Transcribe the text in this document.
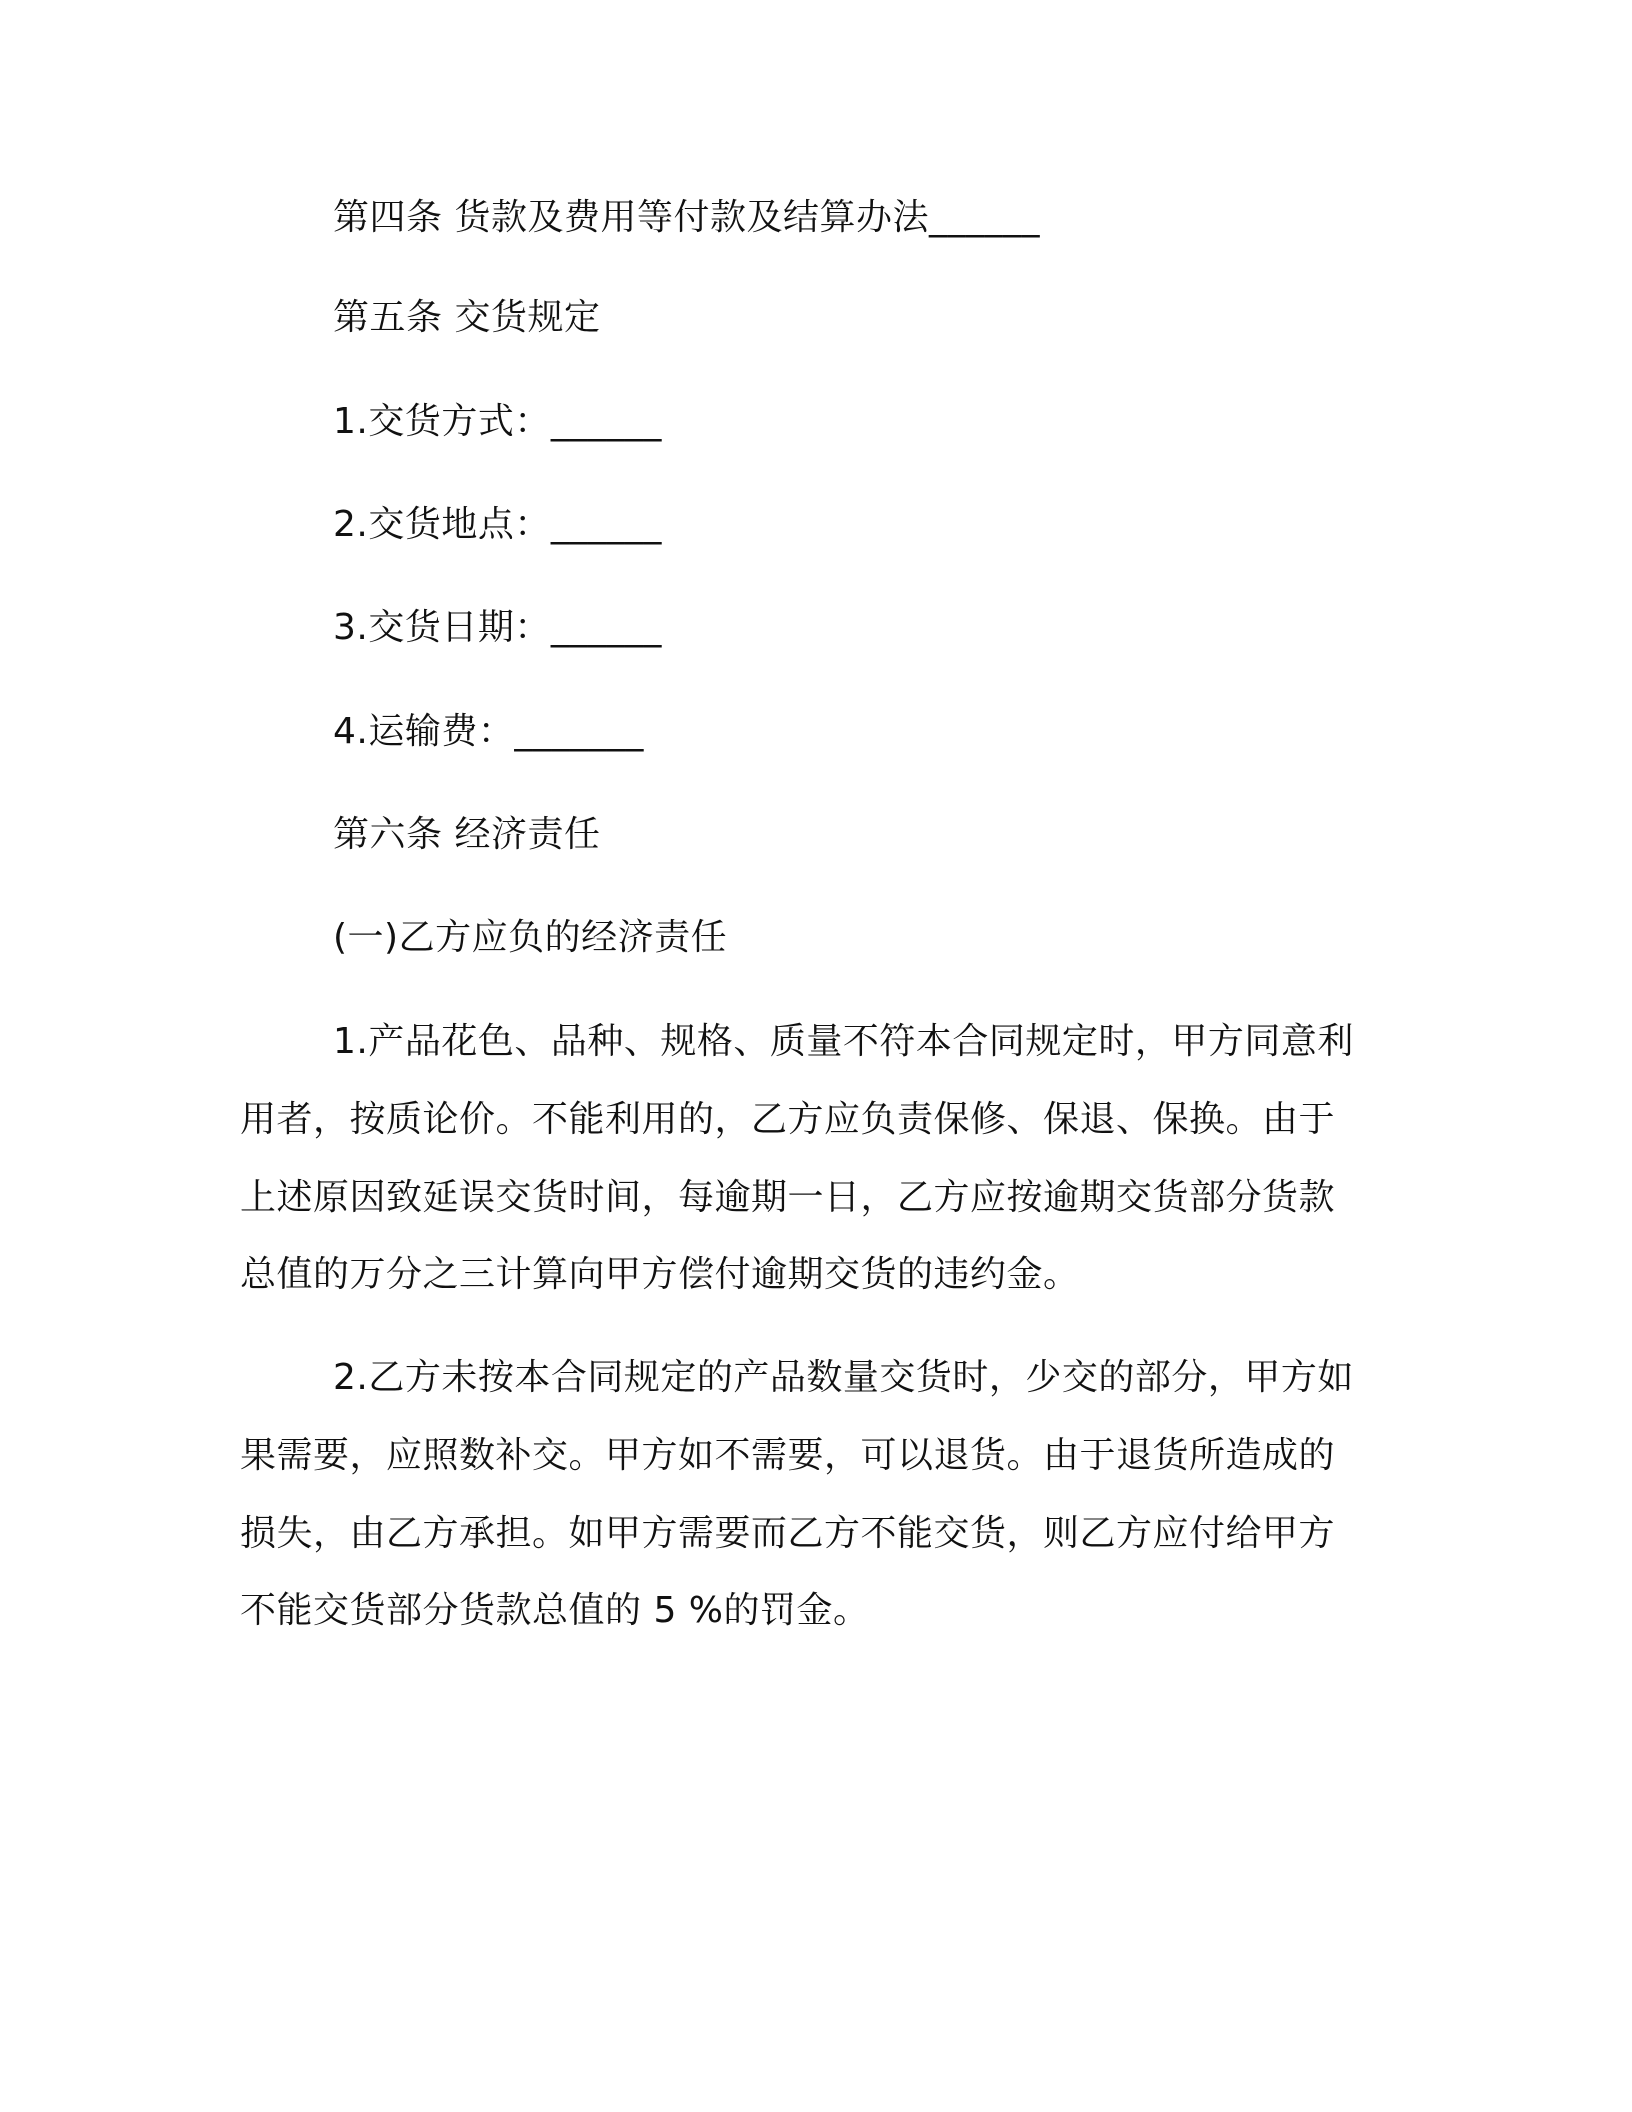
第四条 货款及费用等付款及结算办法______
第五条 交货规定
1.交货方式：______
2.交货地点：______
3.交货日期：______
4.运输费：_______
第六条 经济责任
(一)乙方应负的经济责任
1.产品花色、品种、规格、质量不符本合同规定时，甲方同意利
用者，按质论价。不能利用的，乙方应负责保修、保退、保换。由于
上述原因致延误交货时间，每逾期一日，乙方应按逾期交货部分货款
总值的万分之三计算向甲方偿付逾期交货的违约金。
2.乙方未按本合同规定的产品数量交货时，少交的部分，甲方如
果需要，应照数补交。甲方如不需要，可以退货。由于退货所造成的
损失，由乙方承担。如甲方需要而乙方不能交货，则乙方应付给甲方
不能交货部分货款总值的 5 %的罚金。
